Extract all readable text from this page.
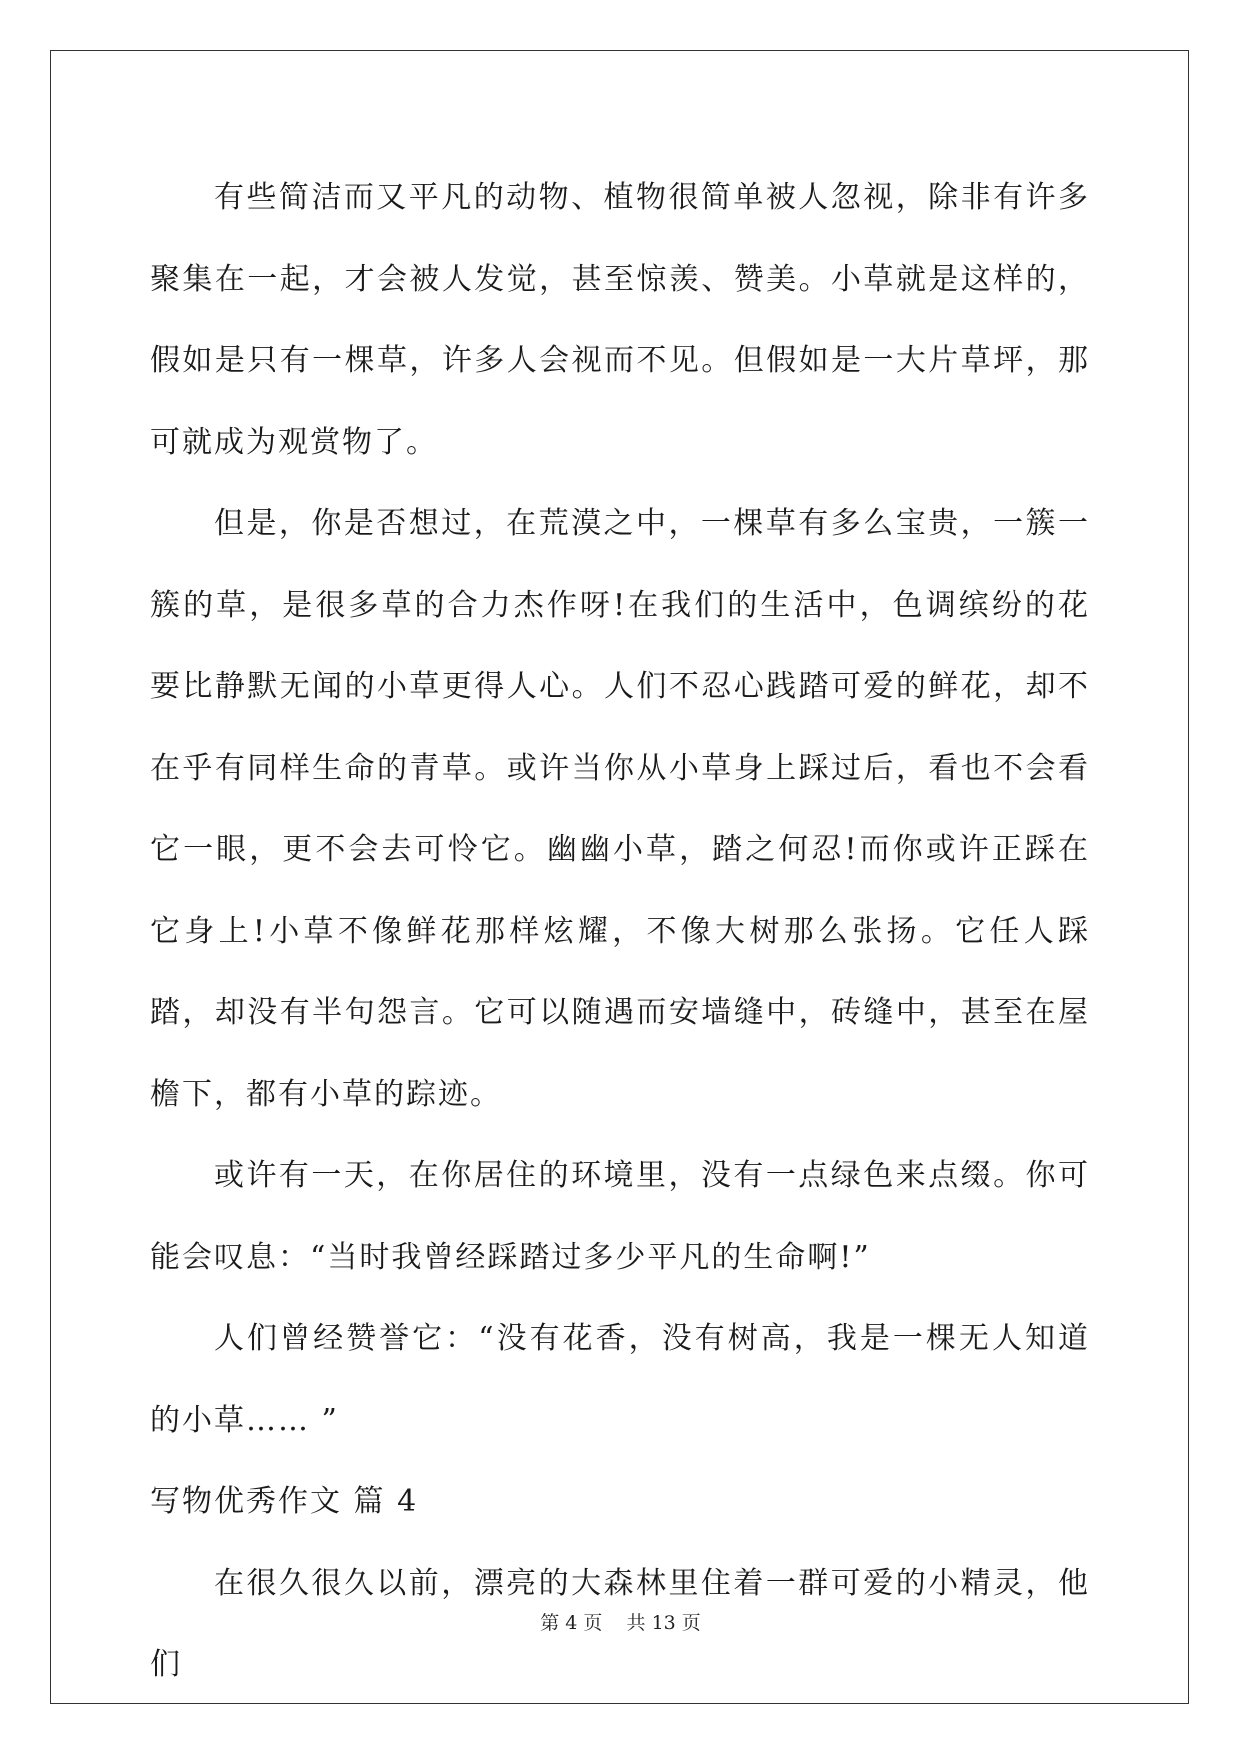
有些简洁而又平凡的动物、植物很简单被人忽视，除非有许多聚集在一起，才会被人发觉，甚至惊羡、赞美。小草就是这样的，假如是只有一棵草，许多人会视而不见。但假如是一大片草坪，那可就成为观赏物了。

但是，你是否想过，在荒漠之中，一棵草有多么宝贵，一簇一簇的草，是很多草的合力杰作呀!在我们的生活中，色调缤纷的花要比静默无闻的小草更得人心。人们不忍心践踏可爱的鲜花，却不在乎有同样生命的青草。或许当你从小草身上踩过后，看也不会看它一眼，更不会去可怜它。幽幽小草，踏之何忍!而你或许正踩在它身上!小草不像鲜花那样炫耀，不像大树那么张扬。它任人踩踏，却没有半句怨言。它可以随遇而安墙缝中，砖缝中，甚至在屋檐下，都有小草的踪迹。

或许有一天，在你居住的环境里，没有一点绿色来点缀。你可能会叹息：“当时我曾经踩踏过多少平凡的生命啊!”

人们曾经赞誉它：“没有花香，没有树高，我是一棵无人知道的小草…… ”

写物优秀作文 篇 4

在很久很久以前，漂亮的大森林里住着一群可爱的小精灵，他们

第 4 页 共 13 页
